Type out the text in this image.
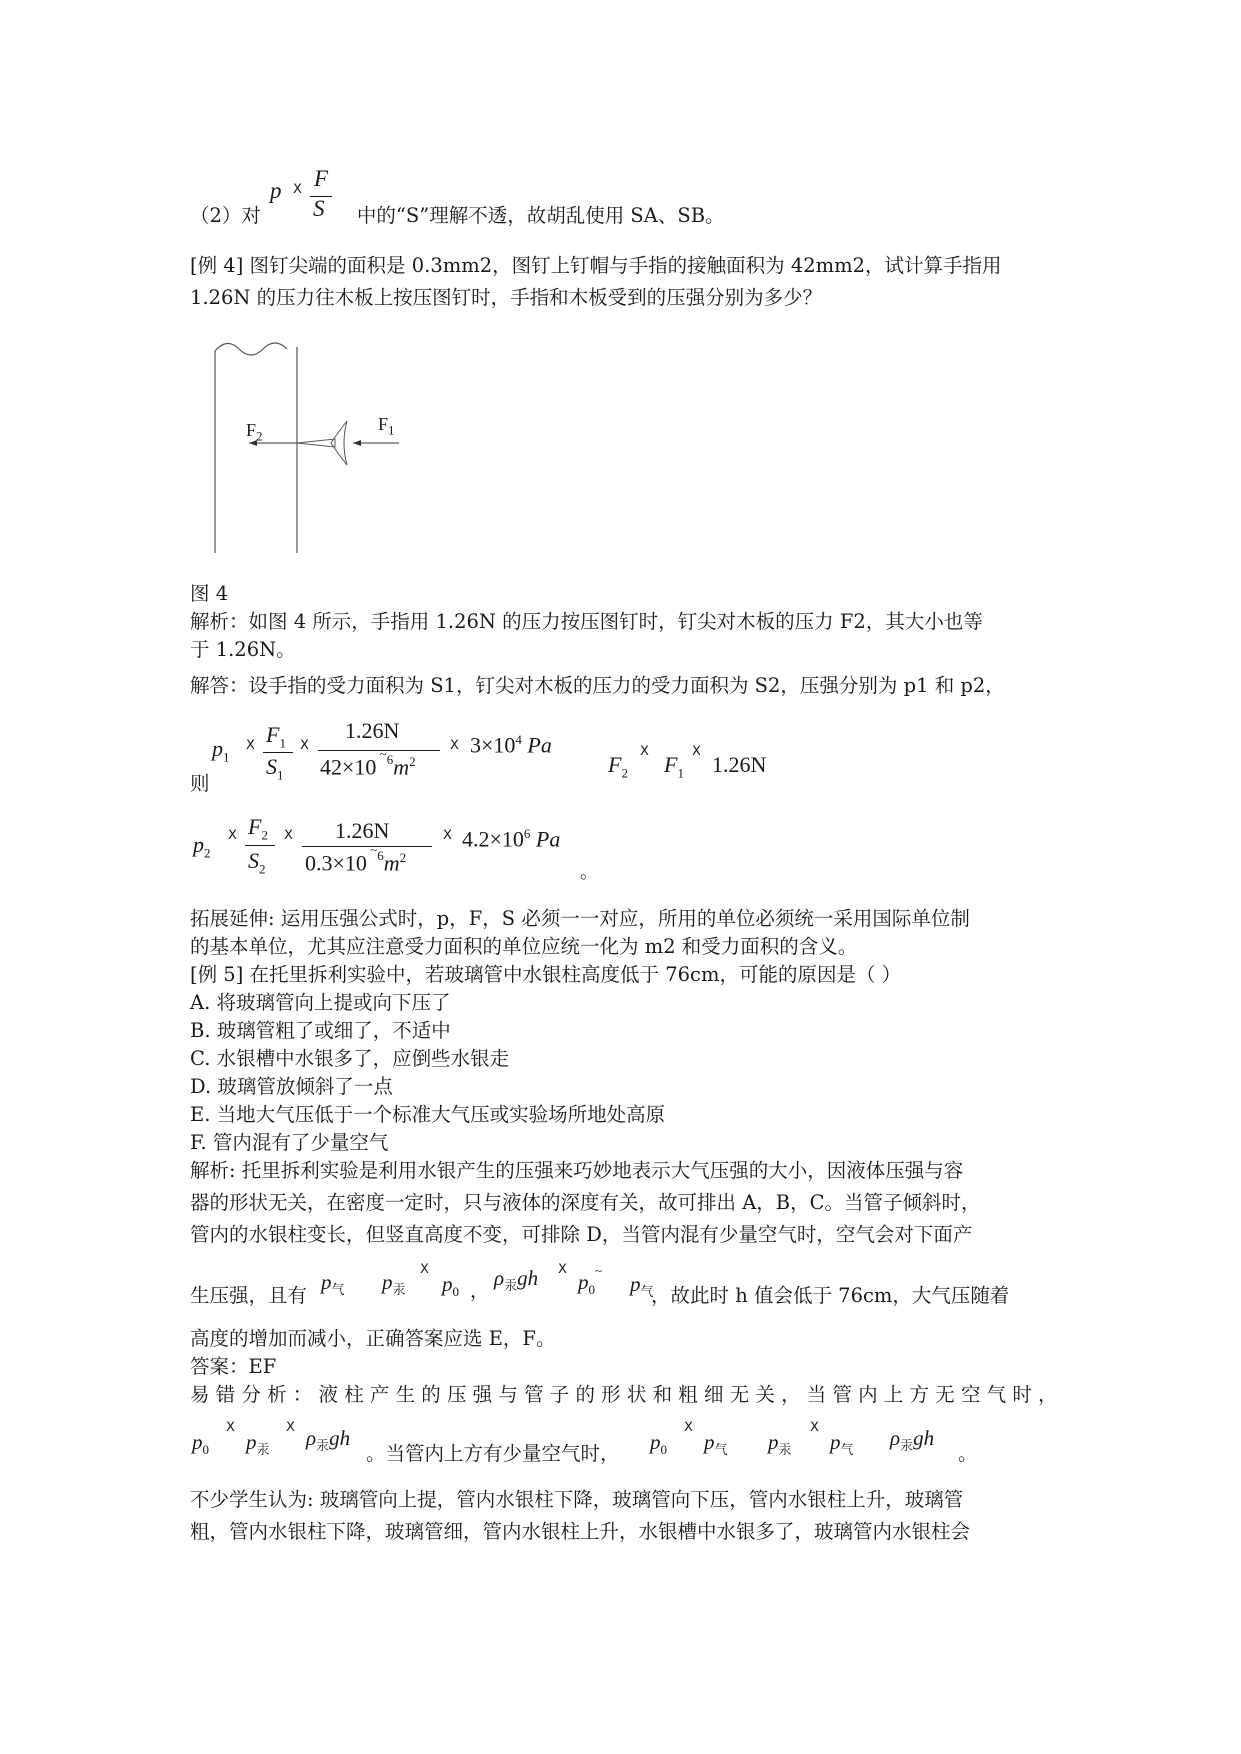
（2）对	中的“S”理解不透，故胡乱使用 SA、SB。
p ⵝ F
S
[例 4] 图钉尖端的面积是 0.3mm2，图钉上钉帽与手指的接触面积为 42mm2，试计算手指用
1.26N 的压力往木板上按压图钉时，手指和木板受到的压强分别为多少？
$F_2$
$F_1$
图 4
解析：如图 4 所示，手指用 1.26N 的压力按压图钉时，钉尖对木板的压力 F2，其大小也等
于 1.26N。
解答：设手指的受力面积为 S1，钉尖对木板的压力的受力面积为 S2，压强分别为 p1 和 p2，
则
$p_1$
ⵝ $F_1$
$S_1$
ⵝ
1.26N
42×10 $^{\sim 6}m^2$
ⵝ $3\times 10^4$ Pa
$F_2$
ⵝ
$F_1$
ⵝ
1.26N
$p_2$
ⵝ $F_2$
$S_2$
ⵝ 1.26N
0.3×10 $^{\sim 6}m^2$
ⵝ $4.2\times 10^6$ Pa
。
拓展延伸: 运用压强公式时，p，F，S 必须一一对应，所用的单位必须统一采用国际单位制
的基本单位，尤其应注意受力面积的单位应统一化为 m2 和受力面积的含义。
[例 5] 在托里拆利实验中，若玻璃管中水银柱高度低于 76cm，可能的原因是（ ）
A. 将玻璃管向上提或向下压了
B. 玻璃管粗了或细了，不适中
C. 水银槽中水银多了，应倒些水银走
D. 玻璃管放倾斜了一点
E. 当地大气压低于一个标准大气压或实验场所地处高原
F. 管内混有了少量空气
解析: 托里拆利实验是利用水银产生的压强来巧妙地表示大气压强的大小，因液体压强与容
器的形状无关，在密度一定时，只与液体的深度有关，故可排出 A，B，C。当管子倾斜时，
管内的水银柱变长，但竖直高度不变，可排除 D，当管内混有少量空气时，空气会对下面产
生压强，且有	，故此时 h 值会低于 76cm，大气压随着
$p_气$ $p_汞$
ⵝ
$p_0$ ，
$\rho_汞gh$ ⵝ
$p_0^\sim$
$p_气$
高度的增加而减小，正确答案应选 E，F。
答案：EF
易 错 分 析 ： 液 柱 产 生 的 压 强 与 管 子 的 形 状 和 粗 细 无 关 ， 当 管 内 上 方 无 空 气 时 ，
$p_0$
ⵝ
$p_汞$
ⵝ $\rho_汞gh$
。当管内上方有少量空气时， $p_0$
ⵝ
$p_气$ $p_汞$
ⵝ
$p_气$ $\rho_汞gh$
。
不少学生认为: 玻璃管向上提，管内水银柱下降，玻璃管向下压，管内水银柱上升，玻璃管
粗，管内水银柱下降，玻璃管细，管内水银柱上升，水银槽中水银多了，玻璃管内水银柱会
